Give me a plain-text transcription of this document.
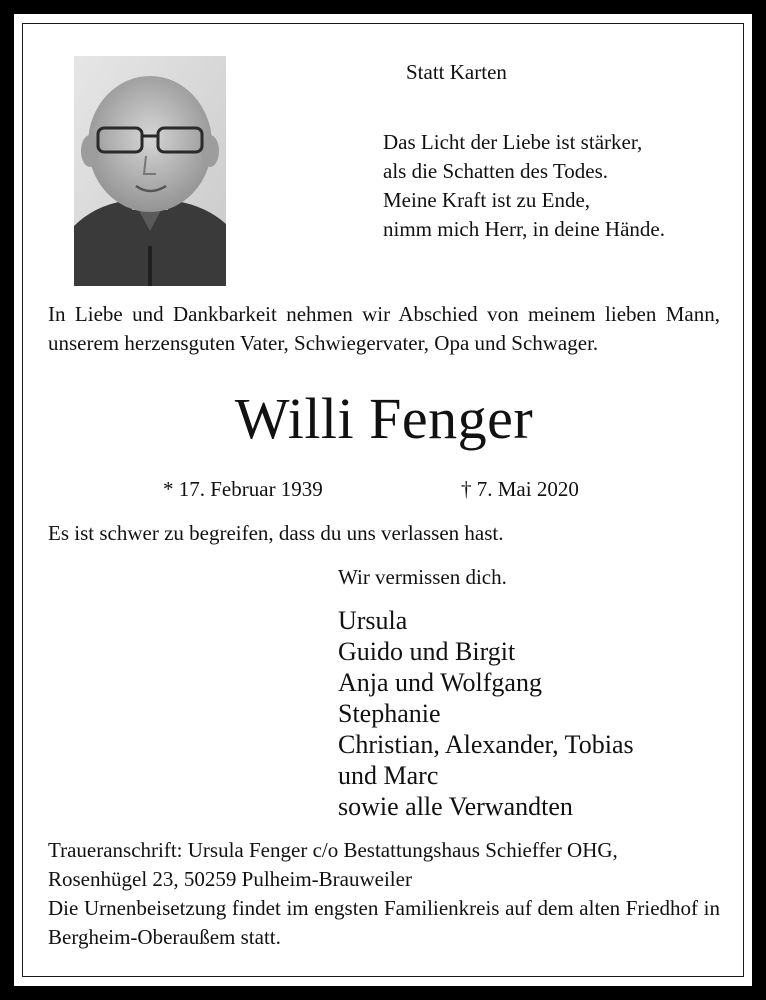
Statt Karten
Das Licht der Liebe ist stärker,
als die Schatten des Todes.
Meine Kraft ist zu Ende,
nimm mich Herr, in deine Hände.
In Liebe und Dankbarkeit nehmen wir Abschied von meinem lieben Mann, unserem herzensguten Vater, Schwiegervater, Opa und Schwager.
Willi Fenger
* 17. Februar 1939	† 7. Mai 2020
Es ist schwer zu begreifen, dass du uns verlassen hast.
Wir vermissen dich.
Ursula
Guido und Birgit
Anja und Wolfgang
Stephanie
Christian, Alexander, Tobias
und Marc
sowie alle Verwandten
Traueranschrift: Ursula Fenger c/o Bestattungshaus Schieffer OHG,
Rosenhügel 23, 50259 Pulheim-Brauweiler
Die Urnenbeisetzung findet im engsten Familienkreis auf dem alten Friedhof in Bergheim-Oberaußem statt.
